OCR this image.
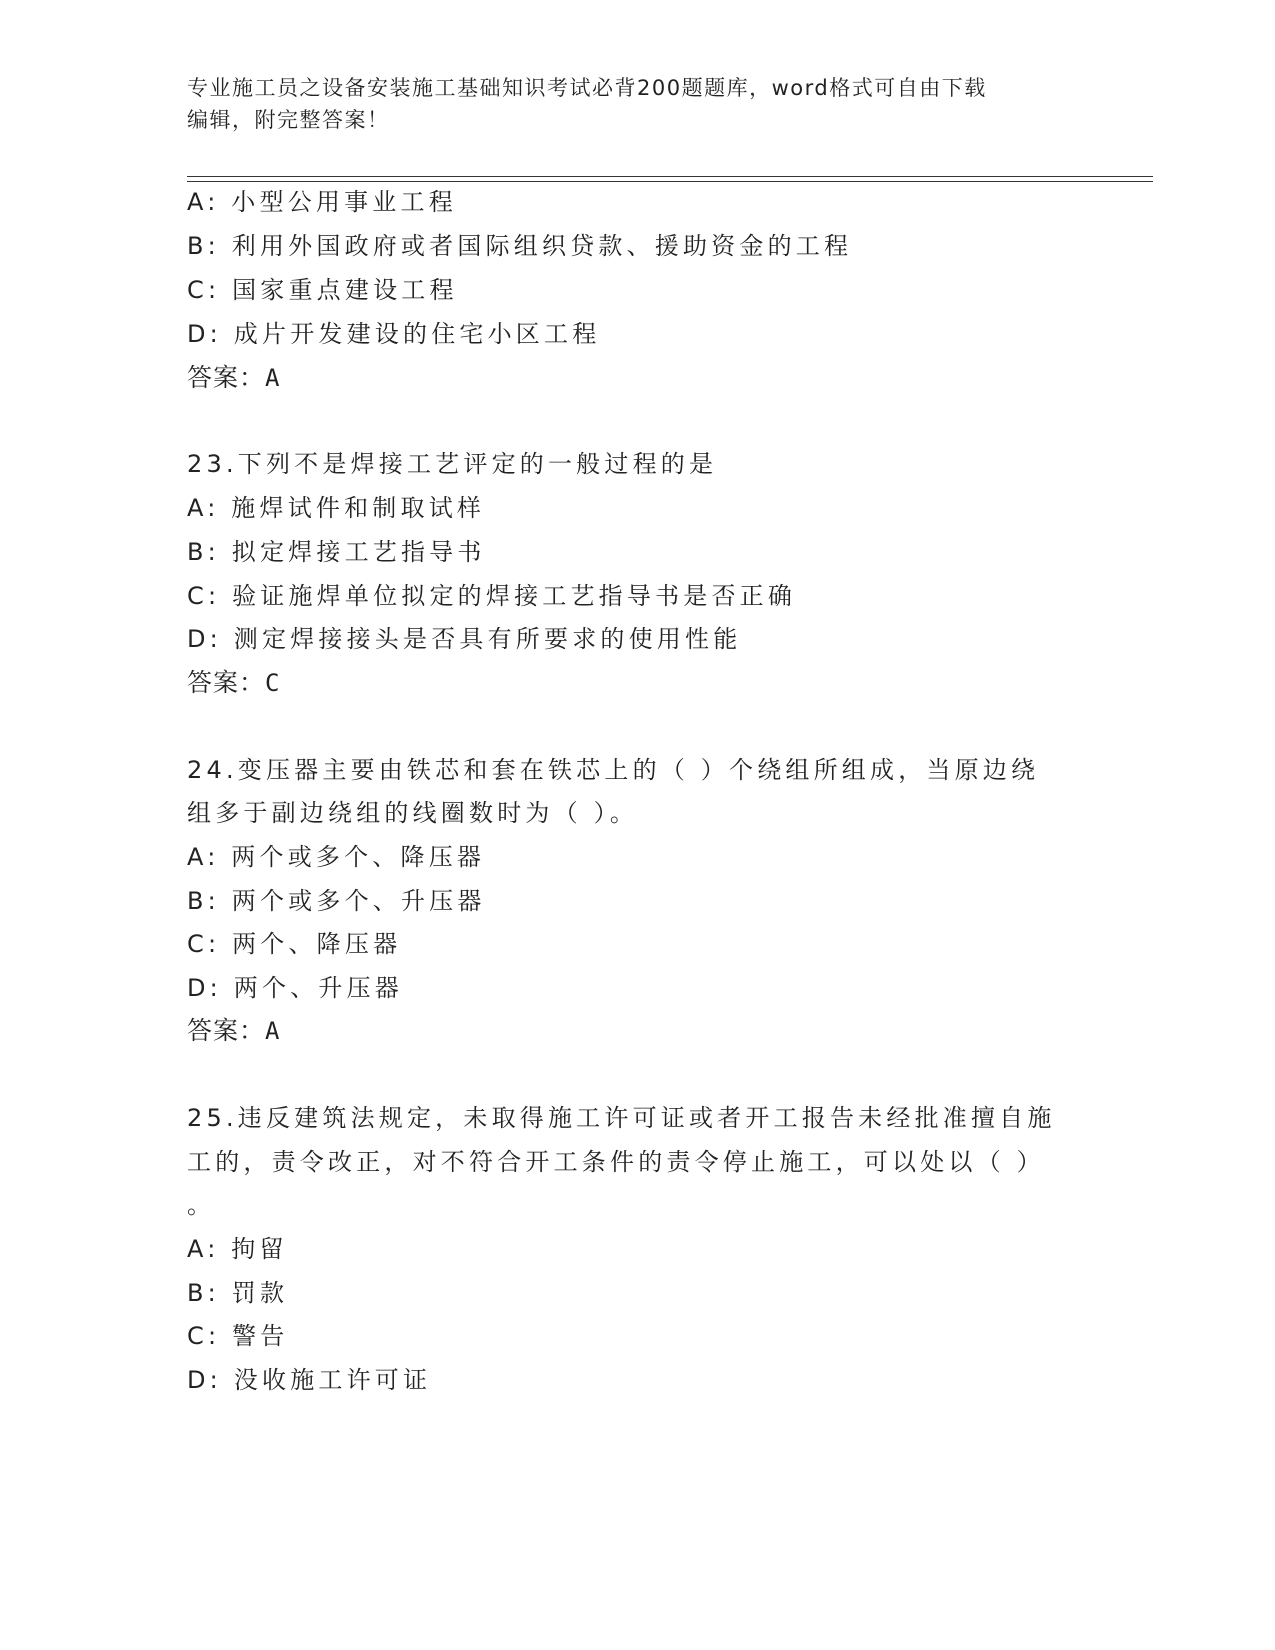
专业施工员之设备安装施工基础知识考试必背200题题库，word格式可自由下载
编辑，附完整答案！
A: 小型公用事业工程
B: 利用外国政府或者国际组织贷款、援助资金的工程
C: 国家重点建设工程
D: 成片开发建设的住宅小区工程
答案：A
23.下列不是焊接工艺评定的一般过程的是
A: 施焊试件和制取试样
B: 拟定焊接工艺指导书
C: 验证施焊单位拟定的焊接工艺指导书是否正确
D: 测定焊接接头是否具有所要求的使用性能
答案：C
24.变压器主要由铁芯和套在铁芯上的（ ）个绕组所组成，当原边绕
组多于副边绕组的线圈数时为（ ）。
A: 两个或多个、降压器
B: 两个或多个、升压器
C: 两个、降压器
D: 两个、升压器
答案：A
25.违反建筑法规定，未取得施工许可证或者开工报告未经批准擅自施
工的，责令改正，对不符合开工条件的责令停止施工，可以处以（ ）
。
A: 拘留
B: 罚款
C: 警告
D: 没收施工许可证
